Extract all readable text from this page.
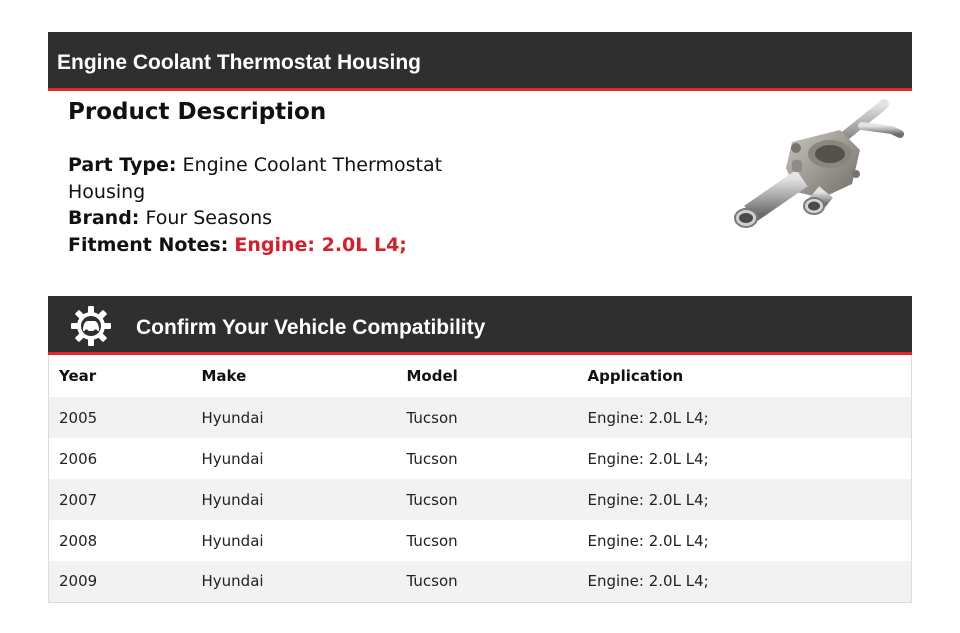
Engine Coolant Thermostat Housing
Product Description
Part Type: Engine Coolant Thermostat Housing
Brand: Four Seasons
Fitment Notes: Engine: 2.0L L4;
Confirm Your Vehicle Compatibility
Year	Make	Model	Application
2005	Hyundai	Tucson	Engine: 2.0L L4;
2006	Hyundai	Tucson	Engine: 2.0L L4;
2007	Hyundai	Tucson	Engine: 2.0L L4;
2008	Hyundai	Tucson	Engine: 2.0L L4;
2009	Hyundai	Tucson	Engine: 2.0L L4;
